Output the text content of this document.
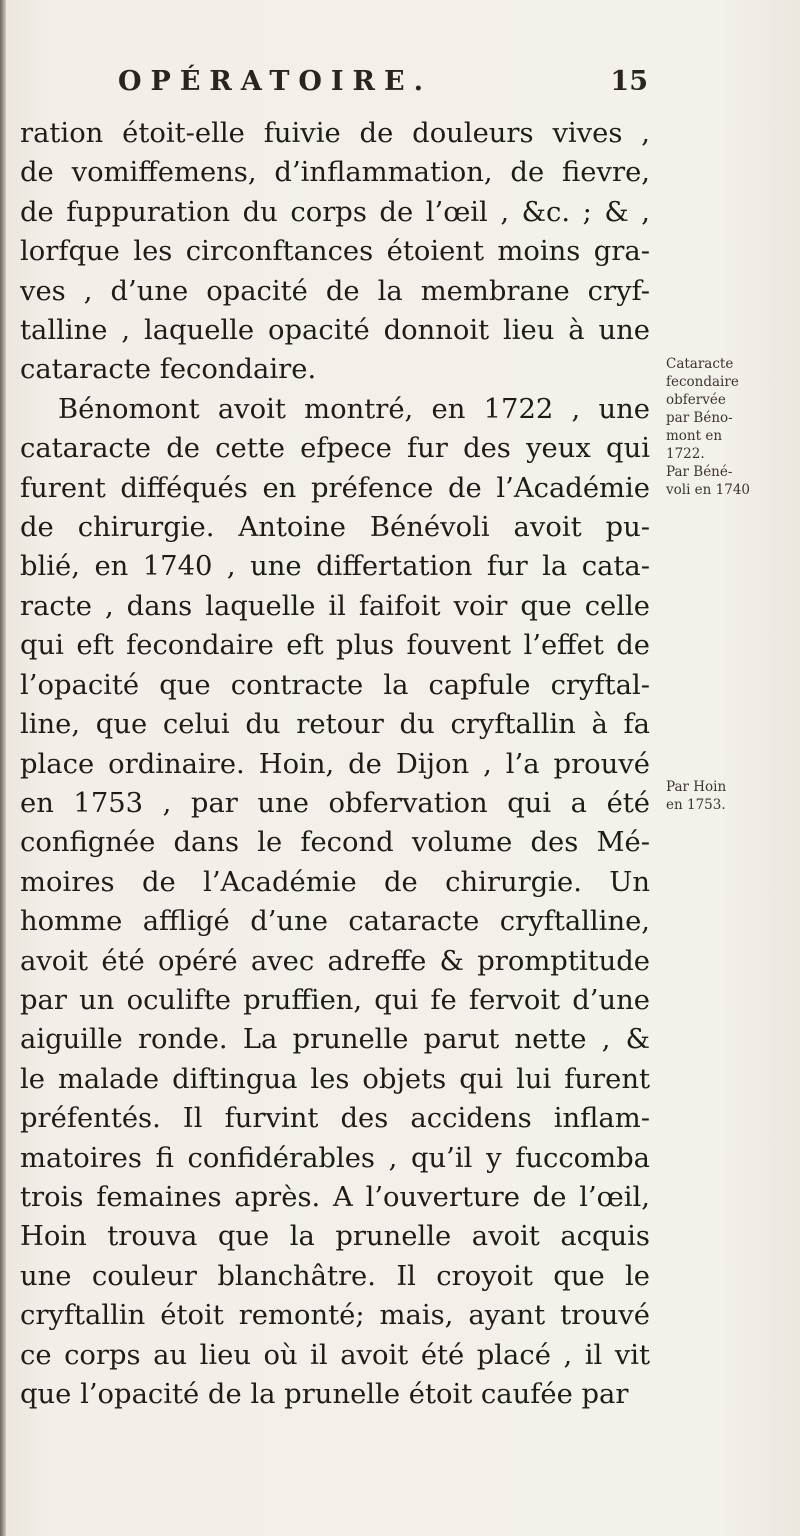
OPÉRATOIRE.	15
ration étoit-elle fuivie de douleurs vives ,
de vomiffemens, d’inflammation, de fievre,
de fuppuration du corps de l’œil , &c. ; & ,
lorfque les circonftances étoient moins gra-
ves , d’une opacité de la membrane cryf-
talline , laquelle opacité donnoit lieu à une
cataracte fecondaire.
Bénomont avoit montré, en 1722 , une
cataracte de cette efpece fur des yeux qui
furent difféqués en préfence de l’Académie
de chirurgie. Antoine Bénévoli avoit pu-
blié, en 1740 , une differtation fur la cata-
racte , dans laquelle il faifoit voir que celle
qui eft fecondaire eft plus fouvent l’effet de
l’opacité que contracte la capfule cryftal-
line, que celui du retour du cryftallin à fa
place ordinaire. Hoin, de Dijon , l’a prouvé
en 1753 , par une obfervation qui a été
confignée dans le fecond volume des Mé-
moires de l’Académie de chirurgie. Un
homme affligé d’une cataracte cryftalline,
avoit été opéré avec adreffe & promptitude
par un oculifte pruffien, qui fe fervoit d’une
aiguille ronde. La prunelle parut nette , &
le malade diftingua les objets qui lui furent
préfentés. Il furvint des accidens inflam-
matoires fi confidérables , qu’il y fuccomba
trois femaines après. A l’ouverture de l’œil,
Hoin trouva que la prunelle avoit acquis
une couleur blanchâtre. Il croyoit que le
cryftallin étoit remonté; mais, ayant trouvé
ce corps au lieu où il avoit été placé , il vit
que l’opacité de la prunelle étoit caufée par
Cataracte
fecondaire
obfervée
par Béno-
mont en
1722.
Par Béné-
voli en 1740
Par Hoin
en 1753.
